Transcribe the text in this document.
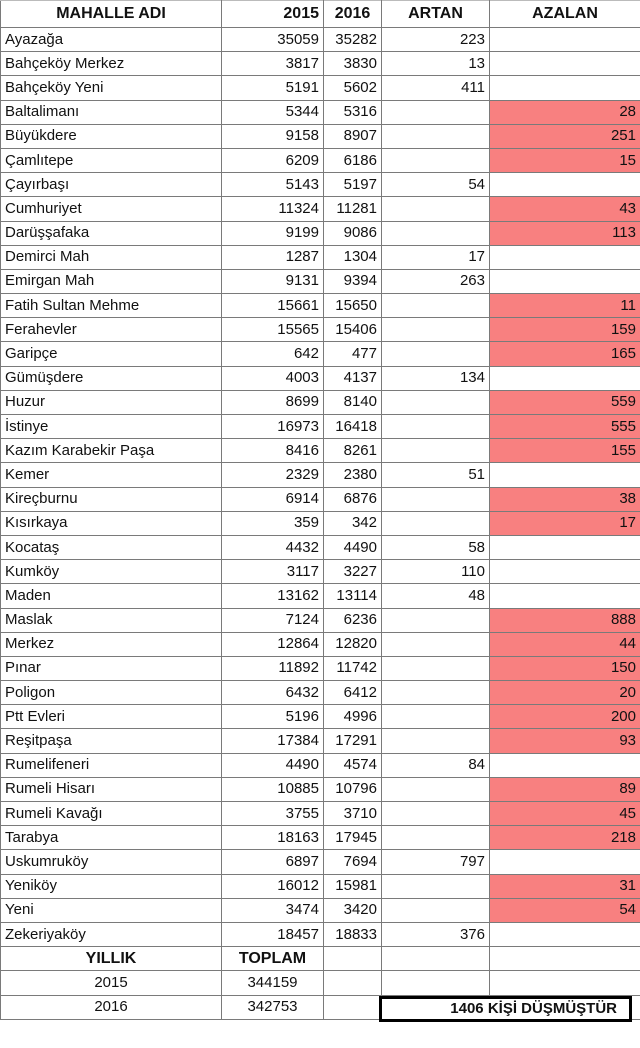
MAHALLE ADI	2015	2016	ARTAN	AZALAN
Ayazağa	35059	35282	223	
Bahçeköy Merkez	3817	3830	13	
Bahçeköy Yeni	5191	5602	411	
Baltalimanı	5344	5316		28
Büyükdere	9158	8907		251
Çamlıtepe	6209	6186		15
Çayırbaşı	5143	5197	54	
Cumhuriyet	11324	11281		43
Darüşşafaka	9199	9086		113
Demirci Mah	1287	1304	17	
Emirgan Mah	9131	9394	263	
Fatih Sultan Mehme	15661	15650		11
Ferahevler	15565	15406		159
Garipçe	642	477		165
Gümüşdere	4003	4137	134	
Huzur	8699	8140		559
İstinye	16973	16418		555
Kazım Karabekir Paşa	8416	8261		155
Kemer	2329	2380	51	
Kireçburnu	6914	6876		38
Kısırkaya	359	342		17
Kocataş	4432	4490	58	
Kumköy	3117	3227	110	
Maden	13162	13114	48	
Maslak	7124	6236		888
Merkez	12864	12820		44
Pınar	11892	11742		150
Poligon	6432	6412		20
Ptt Evleri	5196	4996		200
Reşitpaşa	17384	17291		93
Rumelifeneri	4490	4574	84	
Rumeli Hisarı	10885	10796		89
Rumeli Kavağı	3755	3710		45
Tarabya	18163	17945		218
Uskumruköy	6897	7694	797	
Yeniköy	16012	15981		31
Yeni	3474	3420		54
Zekeriyaköy	18457	18833	376	
YILLIK	TOPLAM			
2015	344159			
2016	342753				1406 KİŞİ DÜŞMÜŞTÜR
